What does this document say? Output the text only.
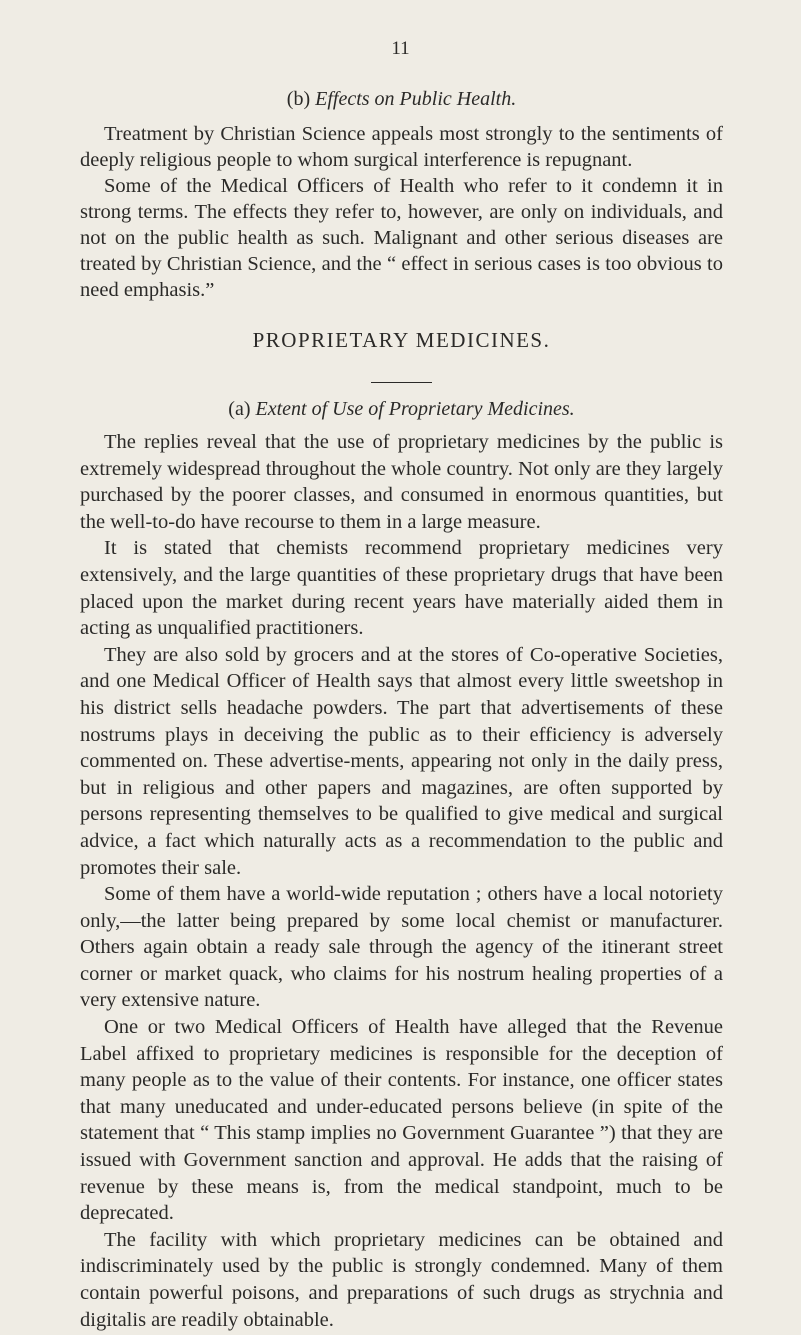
11
(b) Effects on Public Health.

Treatment by Christian Science appeals most strongly to the sentiments of deeply religious people to whom surgical interference is repugnant.

Some of the Medical Officers of Health who refer to it condemn it in strong terms. The effects they refer to, however, are only on individuals, and not on the public health as such. Malignant and other serious diseases are treated by Christian Science, and the “ effect in serious cases is too obvious to need emphasis.”

PROPRIETARY MEDICINES.
(a) Extent of Use of Proprietary Medicines.

The replies reveal that the use of proprietary medicines by the public is extremely widespread throughout the whole country. Not only are they largely purchased by the poorer classes, and consumed in enormous quantities, but the well-to-do have recourse to them in a large measure.

It is stated that chemists recommend proprietary medicines very extensively, and the large quantities of these proprietary drugs that have been placed upon the market during recent years have materially aided them in acting as unqualified practitioners.

They are also sold by grocers and at the stores of Co-operative Societies, and one Medical Officer of Health says that almost every little sweetshop in his district sells headache powders. The part that advertisements of these nostrums plays in deceiving the public as to their efficiency is adversely commented on. These advertise-ments, appearing not only in the daily press, but in religious and other papers and magazines, are often supported by persons representing themselves to be qualified to give medical and surgical advice, a fact which naturally acts as a recommendation to the public and promotes their sale.

Some of them have a world-wide reputation ; others have a local notoriety only,—the latter being prepared by some local chemist or manufacturer. Others again obtain a ready sale through the agency of the itinerant street corner or market quack, who claims for his nostrum healing properties of a very extensive nature.

One or two Medical Officers of Health have alleged that the Revenue Label affixed to proprietary medicines is responsible for the deception of many people as to the value of their contents. For instance, one officer states that many uneducated and under-educated persons believe (in spite of the statement that “ This stamp implies no Government Guarantee ”) that they are issued with Government sanction and approval. He adds that the raising of revenue by these means is, from the medical standpoint, much to be deprecated.

The facility with which proprietary medicines can be obtained and indiscriminately used by the public is strongly condemned. Many of them contain powerful poisons, and preparations of such drugs as strychnia and digitalis are readily obtainable.
